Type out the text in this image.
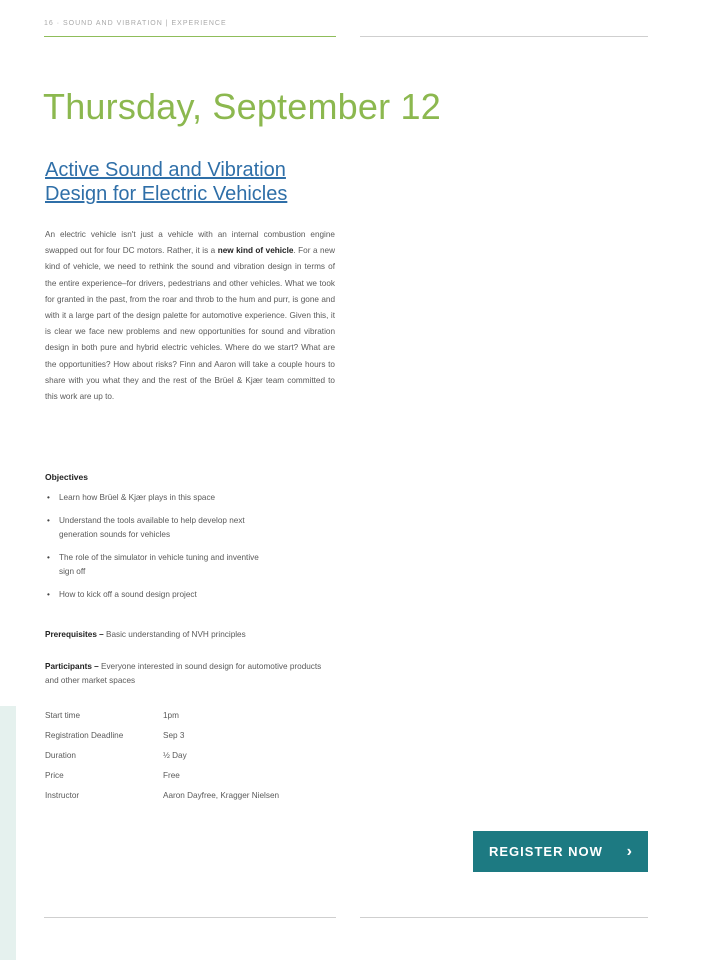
16 · SOUND AND VIBRATION | EXPERIENCE
Thursday, September 12
Active Sound and Vibration Design for Electric Vehicles

An electric vehicle isn't just a vehicle with an internal combustion engine swapped out for four DC motors. Rather, it is a new kind of vehicle. For a new kind of vehicle, we need to rethink the sound and vibration design in terms of the entire experience–for drivers, pedestrians and other vehicles. What we took for granted in the past, from the roar and throb to the hum and purr, is gone and with it a large part of the design palette for automotive experience. Given this, it is clear we face new problems and new opportunities for sound and vibration design in both pure and hybrid electric vehicles. Where do we start? What are the opportunities? How about risks? Finn and Aaron will take a couple hours to share with you what they and the rest of the Brüel & Kjær team committed to this work are up to.

Objectives
• Learn how Brüel & Kjær plays in this space
• Understand the tools available to help develop next generation sounds for vehicles
• The role of the simulator in vehicle tuning and inventive sign off
• How to kick off a sound design project

Prerequisites – Basic understanding of NVH principles

Participants – Everyone interested in sound design for automotive products and other market spaces

Start time	1pm
Registration Deadline	Sep 3
Duration	½ Day
Price	Free
Instructor	Aaron Dayfree, Kragger Nielsen
REGISTER NOW ›
